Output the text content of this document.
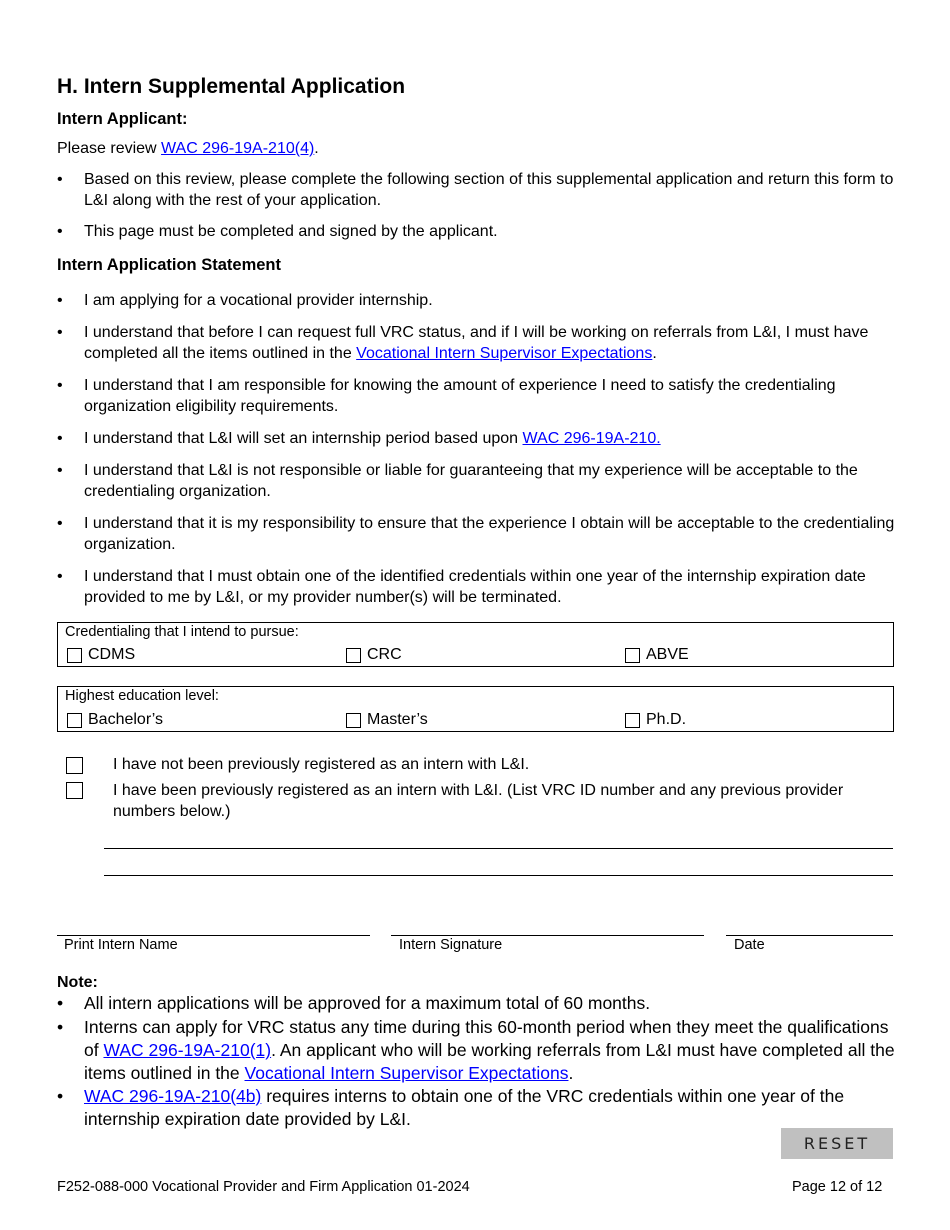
H. Intern Supplemental Application
Intern Applicant:
Please review WAC 296-19A-210(4).
• Based on this review, please complete the following section of this supplemental application and return this form to L&I along with the rest of your application.
• This page must be completed and signed by the applicant.
Intern Application Statement
• I am applying for a vocational provider internship.
• I understand that before I can request full VRC status, and if I will be working on referrals from L&I, I must have completed all the items outlined in the Vocational Intern Supervisor Expectations.
• I understand that I am responsible for knowing the amount of experience I need to satisfy the credentialing organization eligibility requirements.
• I understand that L&I will set an internship period based upon WAC 296-19A-210.
• I understand that L&I is not responsible or liable for guaranteeing that my experience will be acceptable to the credentialing organization.
• I understand that it is my responsibility to ensure that the experience I obtain will be acceptable to the credentialing organization.
• I understand that I must obtain one of the identified credentials within one year of the internship expiration date provided to me by L&I, or my provider number(s) will be terminated.
Credentialing that I intend to pursue:
CDMS	CRC	ABVE
Highest education level:
Bachelor’s	Master’s	Ph.D.
I have not been previously registered as an intern with L&I.
I have been previously registered as an intern with L&I. (List VRC ID number and any previous provider numbers below.)
Print Intern Name	Intern Signature	Date
Note:
• All intern applications will be approved for a maximum total of 60 months.
• Interns can apply for VRC status any time during this 60-month period when they meet the qualifications of WAC 296-19A-210(1). An applicant who will be working referrals from L&I must have completed all the items outlined in the Vocational Intern Supervisor Expectations.
• WAC 296-19A-210(4b) requires interns to obtain one of the VRC credentials within one year of the internship expiration date provided by L&I.
RESET
F252-088-000 Vocational Provider and Firm Application 01-2024	Page 12 of 12
